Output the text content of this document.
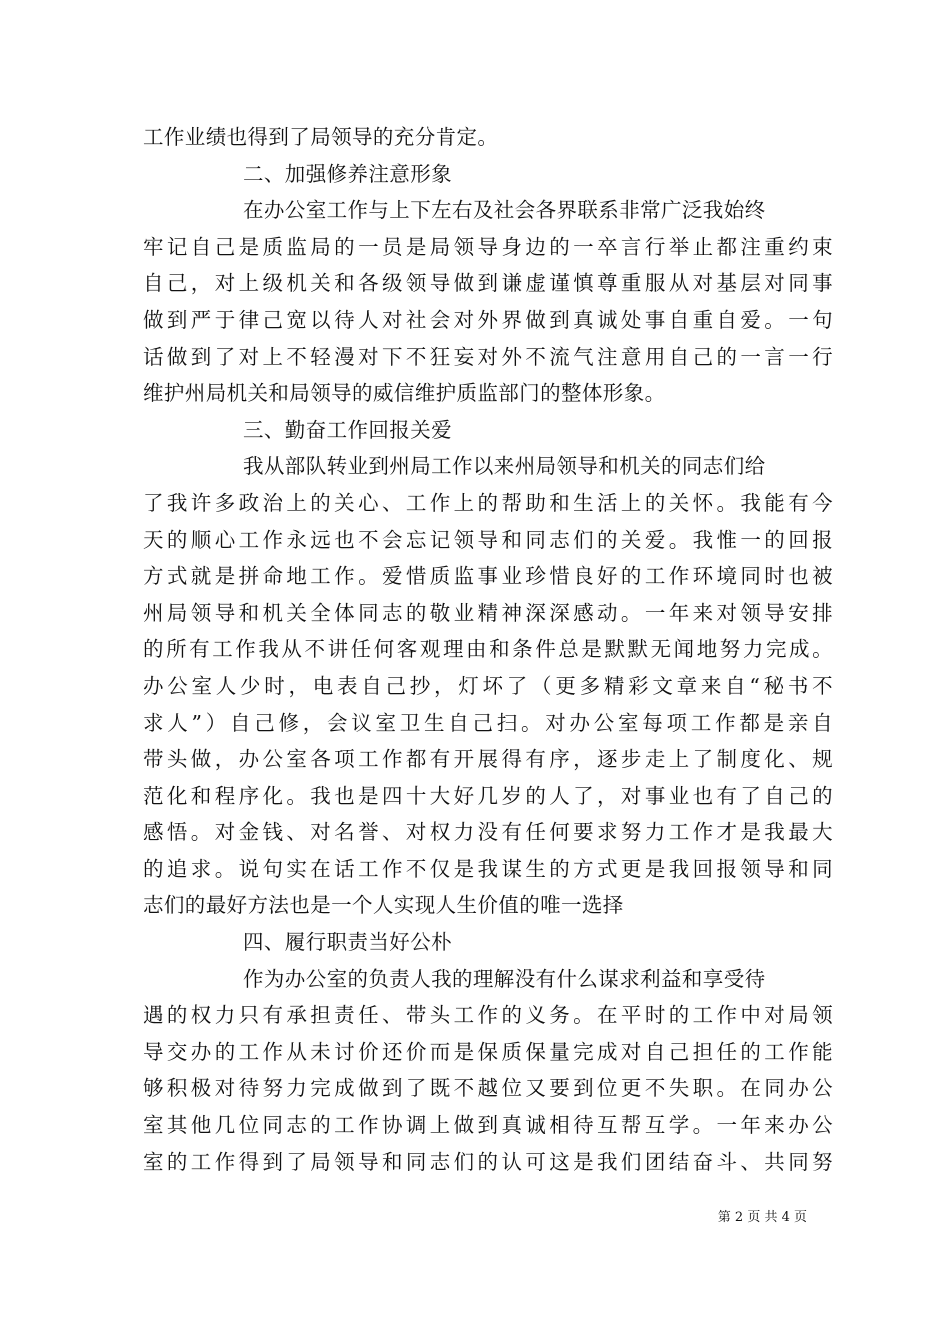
工作业绩也得到了局领导的充分肯定。
二、加强修养注意形象
在办公室工作与上下左右及社会各界联系非常广泛我始终
牢记自己是质监局的一员是局领导身边的一卒言行举止都注重约束
自己，对上级机关和各级领导做到谦虚谨慎尊重服从对基层对同事
做到严于律己宽以待人对社会对外界做到真诚处事自重自爱。一句
话做到了对上不轻漫对下不狂妄对外不流气注意用自己的一言一行
维护州局机关和局领导的威信维护质监部门的整体形象。
三、勤奋工作回报关爱
我从部队转业到州局工作以来州局领导和机关的同志们给
了我许多政治上的关心、工作上的帮助和生活上的关怀。我能有今
天的顺心工作永远也不会忘记领导和同志们的关爱。我惟一的回报
方式就是拼命地工作。爱惜质监事业珍惜良好的工作环境同时也被
州局领导和机关全体同志的敬业精神深深感动。一年来对领导安排
的所有工作我从不讲任何客观理由和条件总是默默无闻地努力完成。
办公室人少时，电表自己抄，灯坏了（更多精彩文章来自“秘书不
求人”）自己修，会议室卫生自己扫。对办公室每项工作都是亲自
带头做，办公室各项工作都有开展得有序，逐步走上了制度化、规
范化和程序化。我也是四十大好几岁的人了，对事业也有了自己的
感悟。对金钱、对名誉、对权力没有任何要求努力工作才是我最大
的追求。说句实在话工作不仅是我谋生的方式更是我回报领导和同
志们的最好方法也是一个人实现人生价值的唯一选择
四、履行职责当好公朴
作为办公室的负责人我的理解没有什么谋求利益和享受待
遇的权力只有承担责任、带头工作的义务。在平时的工作中对局领
导交办的工作从未讨价还价而是保质保量完成对自己担任的工作能
够积极对待努力完成做到了既不越位又要到位更不失职。在同办公
室其他几位同志的工作协调上做到真诚相待互帮互学。一年来办公
室的工作得到了局领导和同志们的认可这是我们团结奋斗、共同努
第 2 页 共 4 页
